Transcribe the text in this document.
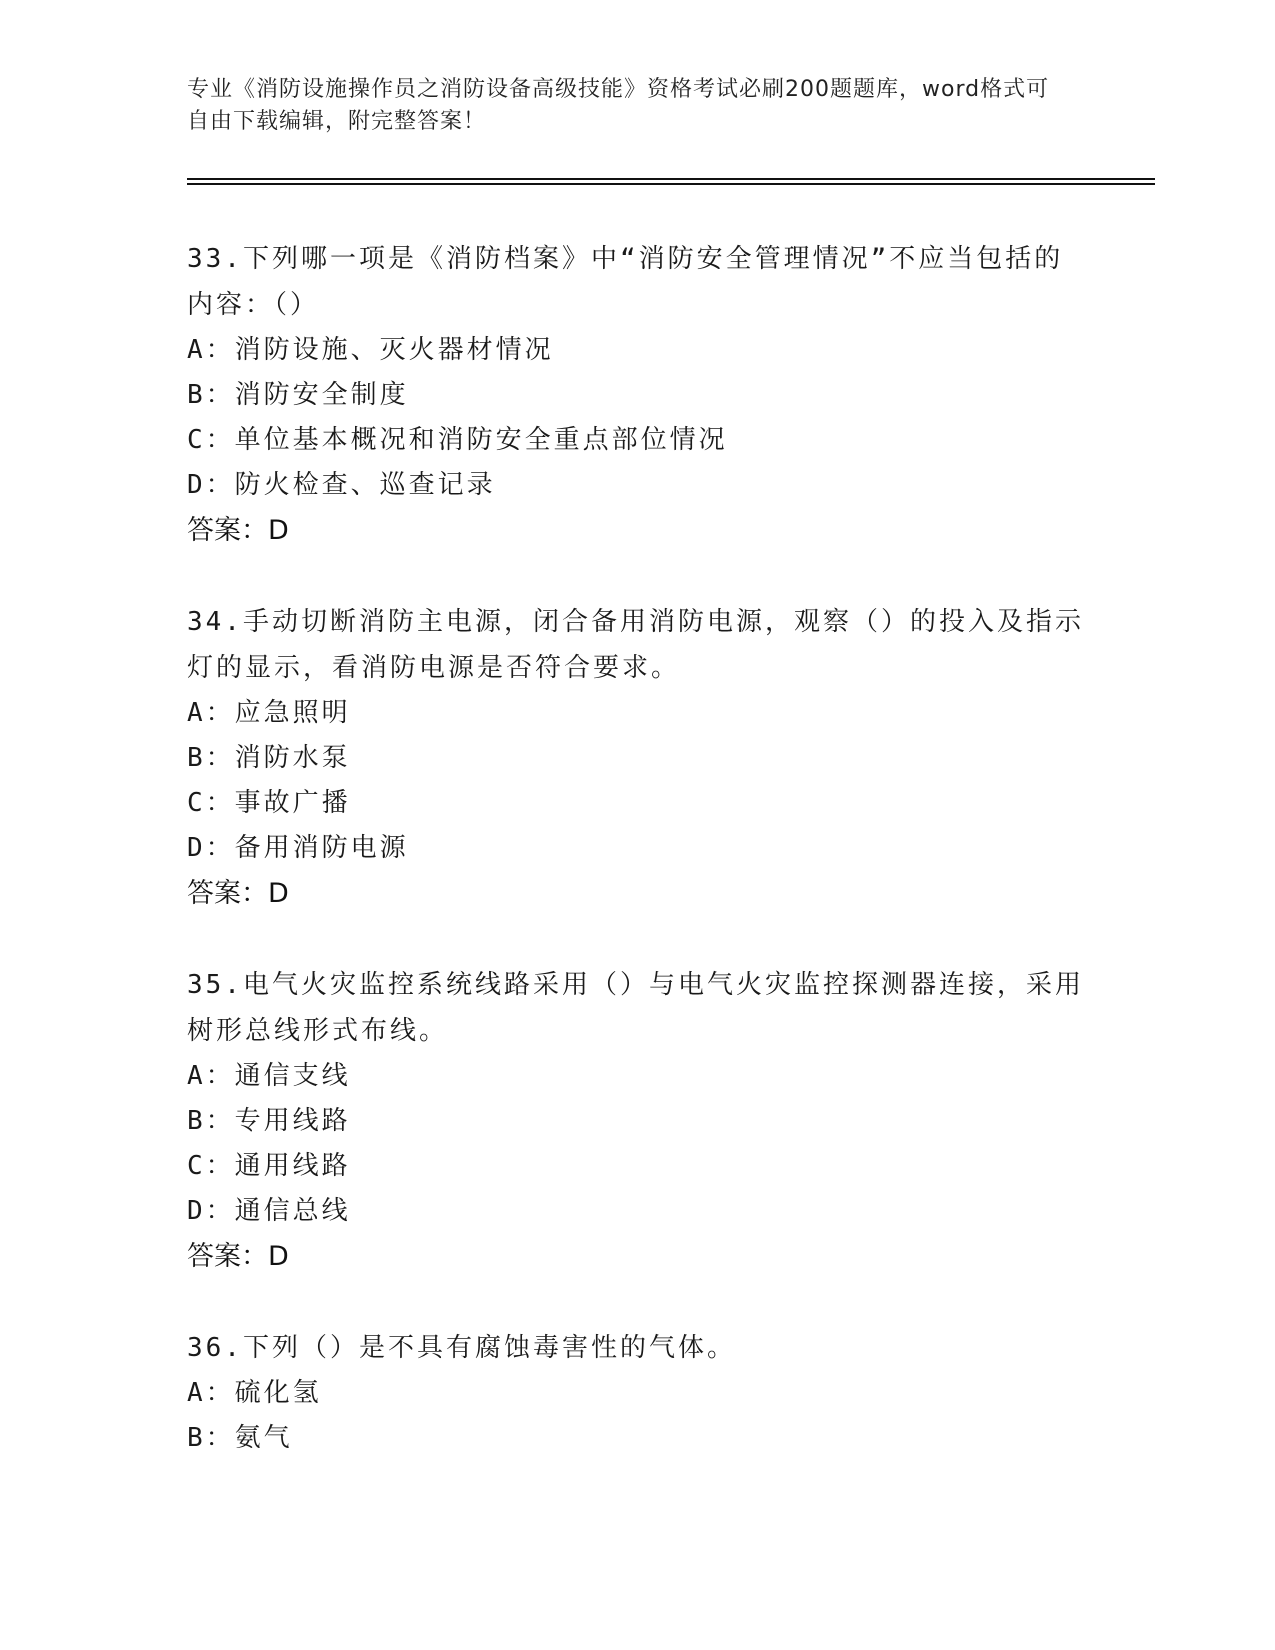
专业《消防设施操作员之消防设备高级技能》资格考试必刷200题题库，word格式可自由下载编辑，附完整答案！

33.下列哪一项是《消防档案》中“消防安全管理情况”不应当包括的内容：（）

A：消防设施、灭火器材情况

B：消防安全制度

C：单位基本概况和消防安全重点部位情况

D：防火检查、巡查记录

答案：D

34.手动切断消防主电源，闭合备用消防电源，观察（）的投入及指示灯的显示，看消防电源是否符合要求。

A：应急照明

B：消防水泵

C：事故广播

D：备用消防电源

答案：D

35.电气火灾监控系统线路采用（）与电气火灾监控探测器连接，采用树形总线形式布线。

A：通信支线

B：专用线路

C：通用线路

D：通信总线

答案：D

36.下列（）是不具有腐蚀毒害性的气体。

A：硫化氢

B：氨气
